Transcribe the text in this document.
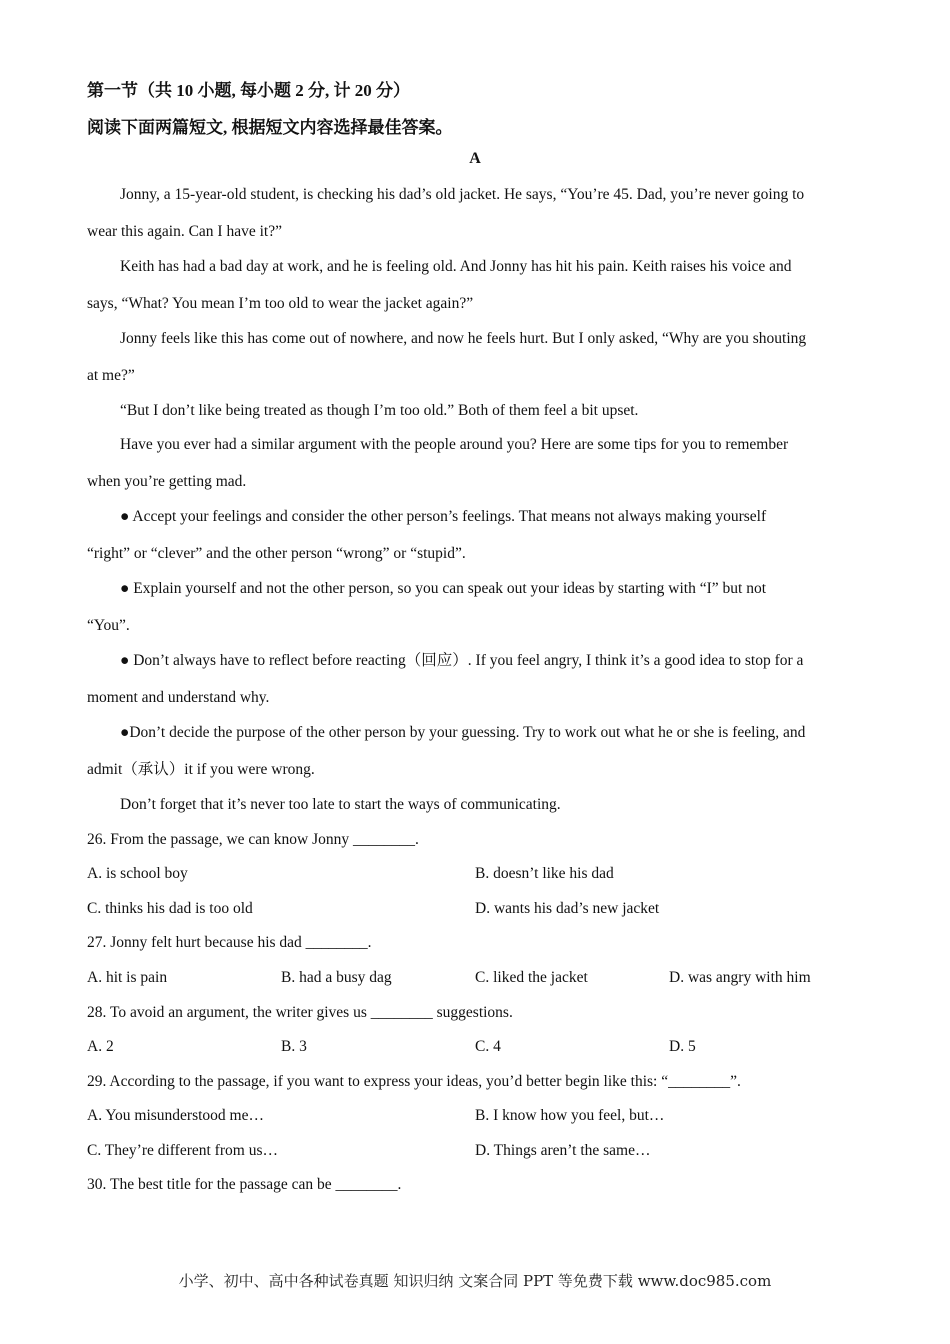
第一节（共 10 小题, 每小题 2 分, 计 20 分）
阅读下面两篇短文, 根据短文内容选择最佳答案。
A
Jonny, a 15-year-old student, is checking his dad’s old jacket. He says, “You’re 45. Dad, you’re never going to
wear this again. Can I have it?”
Keith has had a bad day at work, and he is feeling old. And Jonny has hit his pain. Keith raises his voice and
says, “What? You mean I’m too old to wear the jacket again?”
Jonny feels like this has come out of nowhere, and now he feels hurt. But I only asked, “Why are you shouting
at me?”
“But I don’t like being treated as though I’m too old.” Both of them feel a bit upset.
Have you ever had a similar argument with the people around you? Here are some tips for you to remember
when you’re getting mad.
● Accept your feelings and consider the other person’s feelings. That means not always making yourself
“right” or “clever” and the other person “wrong” or “stupid”.
● Explain yourself and not the other person, so you can speak out your ideas by starting with “I” but not
“You”.
● Don’t always have to reflect before reacting（回应）. If you feel angry, I think it’s a good idea to stop for a
moment and understand why.
●Don’t decide the purpose of the other person by your guessing. Try to work out what he or she is feeling, and
admit（承认）it if you were wrong.
Don’t forget that it’s never too late to start the ways of communicating.
26. From the passage, we can know Jonny ________.
A. is school boy	B. doesn’t like his dad
C. thinks his dad is too old	D. wants his dad’s new jacket
27. Jonny felt hurt because his dad ________.
A. hit is pain	B. had a busy dag	C. liked the jacket	D. was angry with him
28. To avoid an argument, the writer gives us ________ suggestions.
A. 2	B. 3	C. 4	D. 5
29. According to the passage, if you want to express your ideas, you’d better begin like this: “________”.
A. You misunderstood me…	B. I know how you feel, but…
C. They’re different from us…	D. Things aren’t the same…
30. The best title for the passage can be ________.
小学、初中、高中各种试卷真题 知识归纳 文案合同 PPT 等免费下载 www.doc985.com
